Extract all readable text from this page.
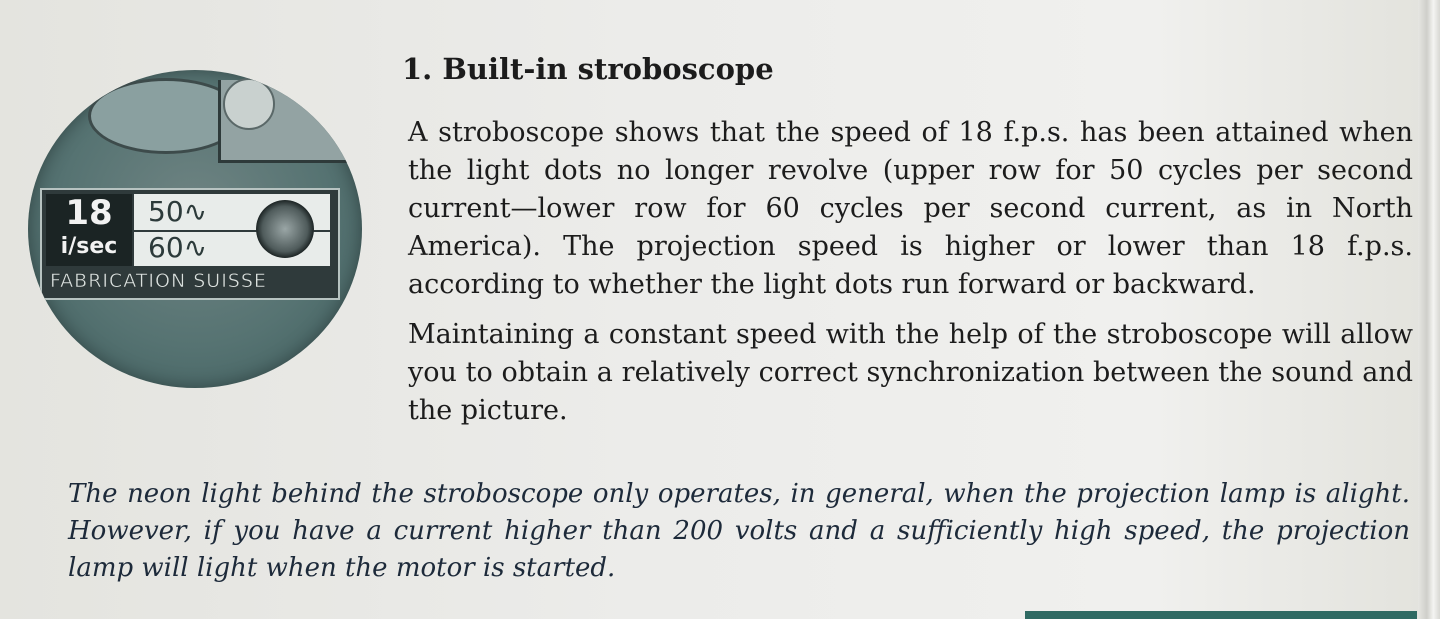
18
i/sec
50∿
60∿
FABRICATION SUISSE
1. Built-in stroboscope

A stroboscope shows that the speed of 18 f.p.s. has been attained when the light dots no longer revolve (upper row for 50 cycles per second current—lower row for 60 cycles per second current, as in North America). The projection speed is higher or lower than 18 f.p.s. according to whether the light dots run forward or backward.

Maintaining a constant speed with the help of the stroboscope will allow you to obtain a relatively correct synchronization between the sound and the picture.

The neon light behind the stroboscope only operates, in general, when the projection lamp is alight. However, if you have a current higher than 200 volts and a sufficiently high speed, the projection lamp will light when the motor is started.
